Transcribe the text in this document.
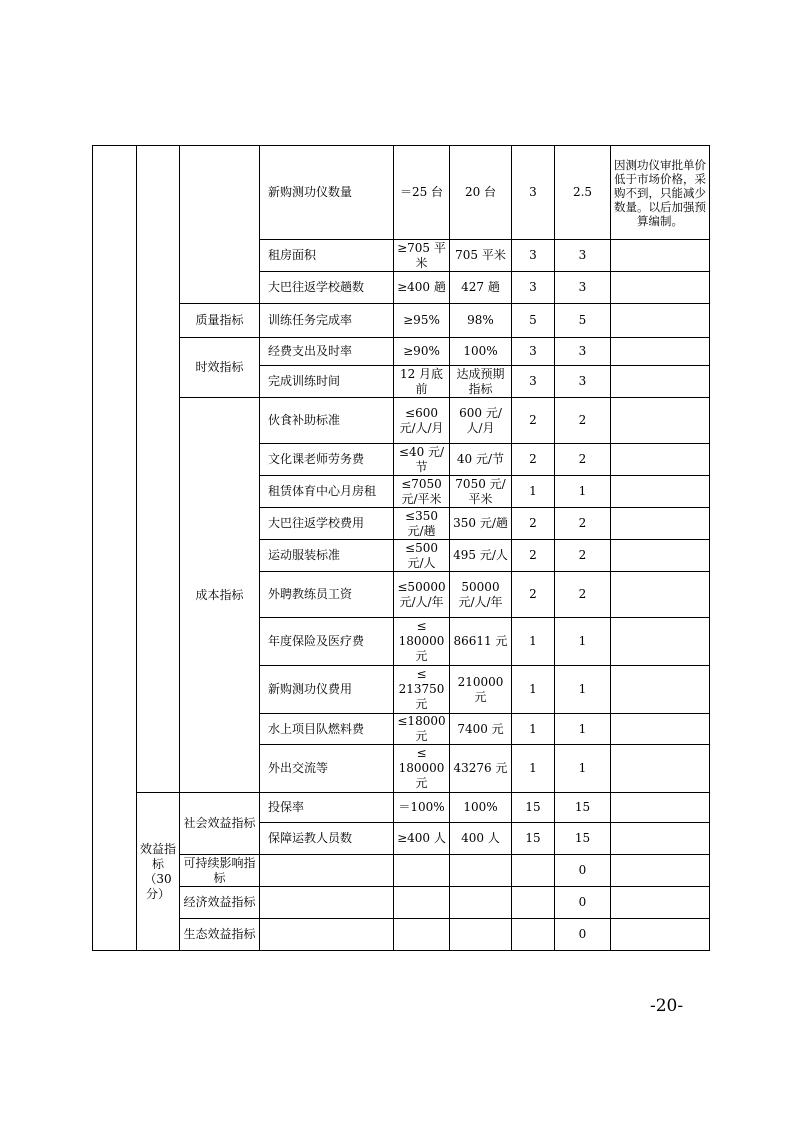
			新购测功仪数量	＝25 台	20 台	3	2.5	因测功仪审批单价低于市场价格，采购不到，只能减少数量。以后加强预算编制。
			租房面积	≥705 平米	705 平米	3	3	
			大巴往返学校趟数	≥400 趟	427 趟	3	3	
		质量指标	训练任务完成率	≥95%	98%	5	5	
		时效指标	经费支出及时率	≥90%	100%	3	3	
			完成训练时间	12 月底前	达成预期指标	3	3	
		成本指标	伙食补助标准	≤600 元/人/月	600 元/人/月	2	2	
			文化课老师劳务费	≤40 元/节	40 元/节	2	2	
			租赁体育中心月房租	≤7050 元/平米	7050 元/平米	1	1	
			大巴往返学校费用	≤350 元/趟	350 元/趟	2	2	
			运动服装标准	≤500 元/人	495 元/人	2	2	
			外聘教练员工资	≤50000 元/人/年	50000 元/人/年	2	2	
			年度保险及医疗费	≤ 180000 元	86611 元	1	1	
			新购测功仪费用	≤ 213750 元	210000 元	1	1	
			水上项目队燃料费	≤18000 元	7400 元	1	1	
			外出交流等	≤ 180000 元	43276 元	1	1	
	效益指标（30 分）	社会效益指标	投保率	＝100%	100%	15	15	
			保障运教人员数	≥400 人	400 人	15	15	
		可持续影响指标					0	
		经济效益指标					0	
		生态效益指标					0	
-20-
